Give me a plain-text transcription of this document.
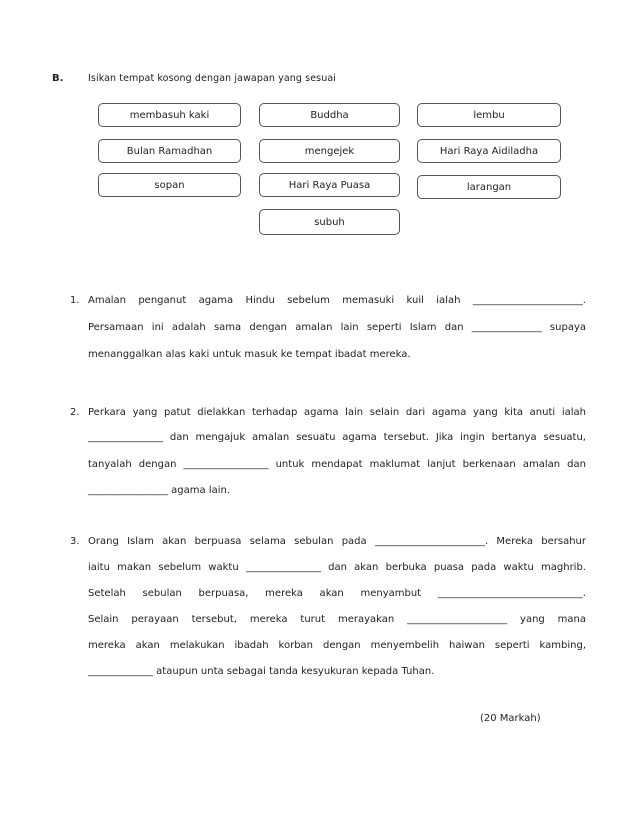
B.	Isikan tempat kosong dengan jawapan yang sesuai
membasuh kaki	Buddha	lembu
Bulan Ramadhan	mengejek	Hari Raya Aidiladha
sopan	Hari Raya Puasa	larangan
subuh
1. Amalan penganut agama Hindu sebelum memasuki kuil ialah ______________________.
Persamaan ini adalah sama dengan amalan lain seperti Islam dan ______________ supaya
menanggalkan alas kaki untuk masuk ke tempat ibadat mereka.
2. Perkara yang patut dielakkan terhadap agama lain selain dari agama yang kita anuti ialah
_______________ dan mengajuk amalan sesuatu agama tersebut. Jika ingin bertanya sesuatu,
tanyalah dengan _________________ untuk mendapat maklumat lanjut berkenaan amalan dan
________________ agama lain.
3. Orang Islam akan berpuasa selama sebulan pada ______________________. Mereka bersahur
iaitu makan sebelum waktu _______________ dan akan berbuka puasa pada waktu maghrib.
Setelah sebulan berpuasa, mereka akan menyambut _____________________________.
Selain perayaan tersebut, mereka turut merayakan ____________________ yang mana
mereka akan melakukan ibadah korban dengan menyembelih haiwan seperti kambing,
_____________ ataupun unta sebagai tanda kesyukuran kepada Tuhan.
(20 Markah)
